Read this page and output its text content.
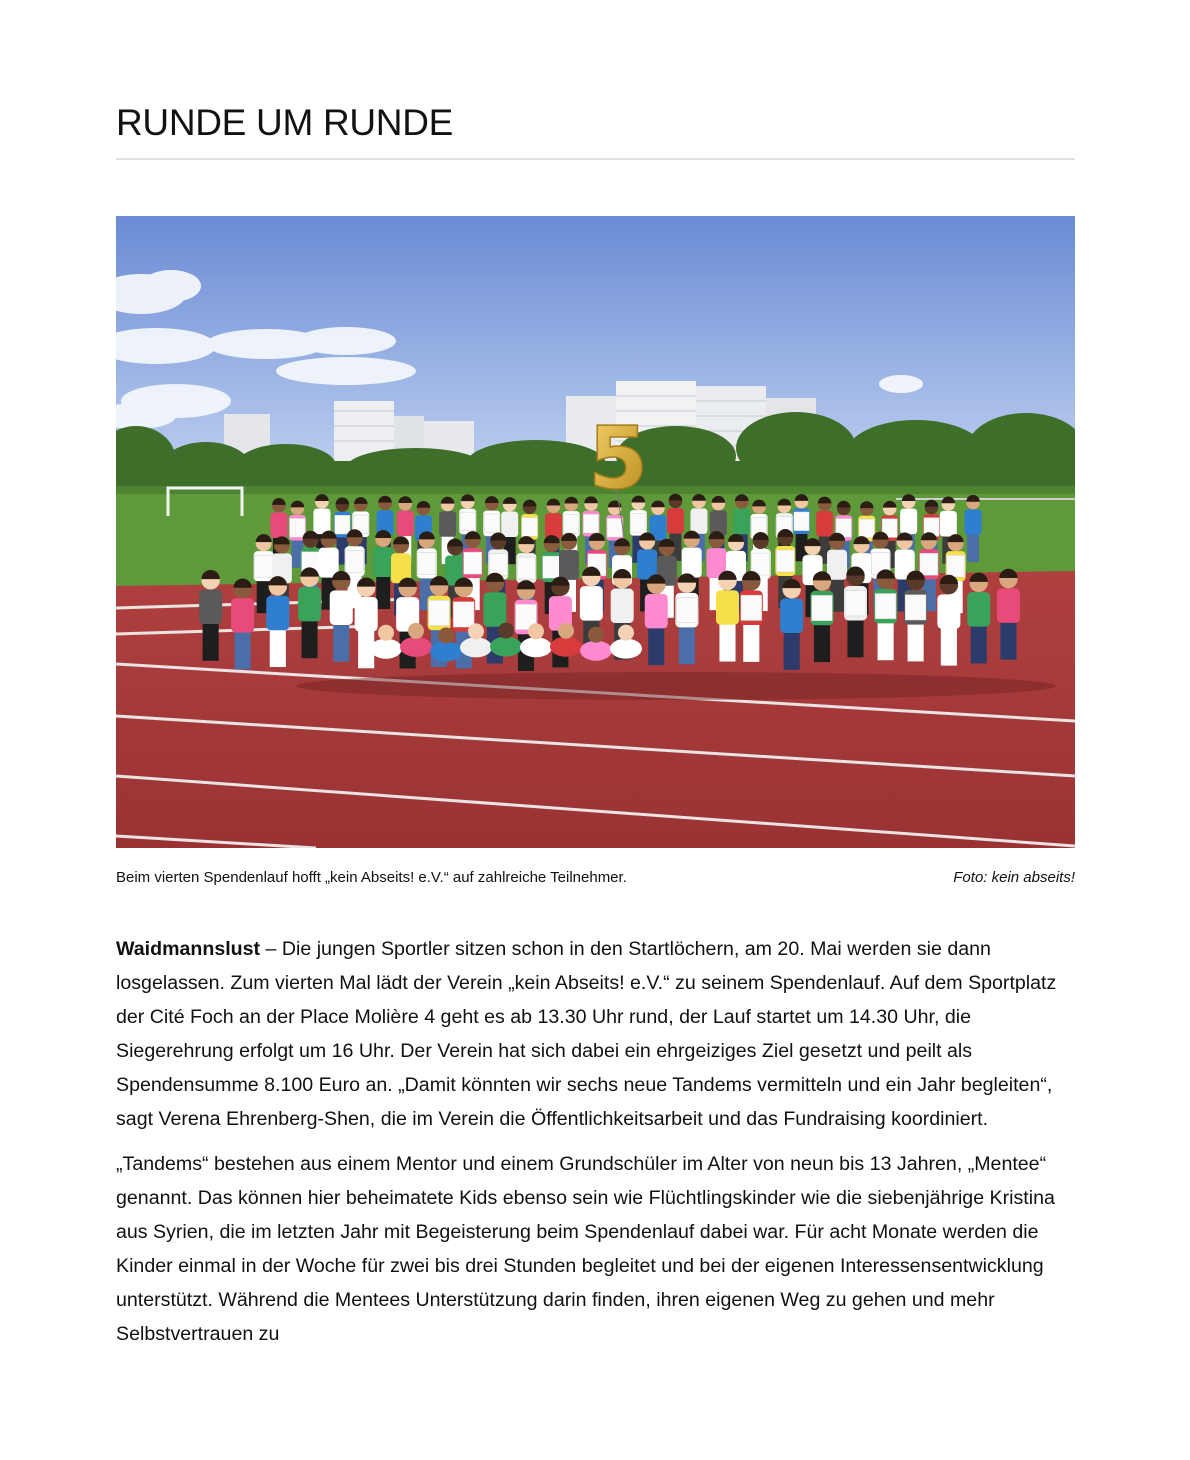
RUNDE UM RUNDE
5
Beim vierten Spendenlauf hofft „kein Abseits! e.V.“ auf zahlreiche Teilnehmer.	Foto: kein abseits!

Waidmannslust – Die jungen Sportler sitzen schon in den Startlöchern, am 20. Mai werden sie dann losgelassen. Zum vierten Mal lädt der Verein „kein Abseits! e.V.“ zu seinem Spendenlauf. Auf dem Sportplatz der Cité Foch an der Place Molière 4 geht es ab 13.30 Uhr rund, der Lauf startet um 14.30 Uhr, die Siegerehrung erfolgt um 16 Uhr. Der Verein hat sich dabei ein ehrgeiziges Ziel gesetzt und peilt als Spendensumme 8.100 Euro an. „Damit könnten wir sechs neue Tandems vermitteln und ein Jahr begleiten“, sagt Verena Ehrenberg-Shen, die im Verein die Öffentlichkeitsarbeit und das Fundraising koordiniert.

„Tandems“ bestehen aus einem Mentor und einem Grundschüler im Alter von neun bis 13 Jahren, „Mentee“ genannt. Das können hier beheimatete Kids ebenso sein wie Flüchtlingskinder wie die siebenjährige Kristina aus Syrien, die im letzten Jahr mit Begeisterung beim Spendenlauf dabei war. Für acht Monate werden die Kinder einmal in der Woche für zwei bis drei Stunden begleitet und bei der eigenen Interessensentwicklung unterstützt. Während die Mentees Unterstützung darin finden, ihren eigenen Weg zu gehen und mehr Selbstvertrauen zu
